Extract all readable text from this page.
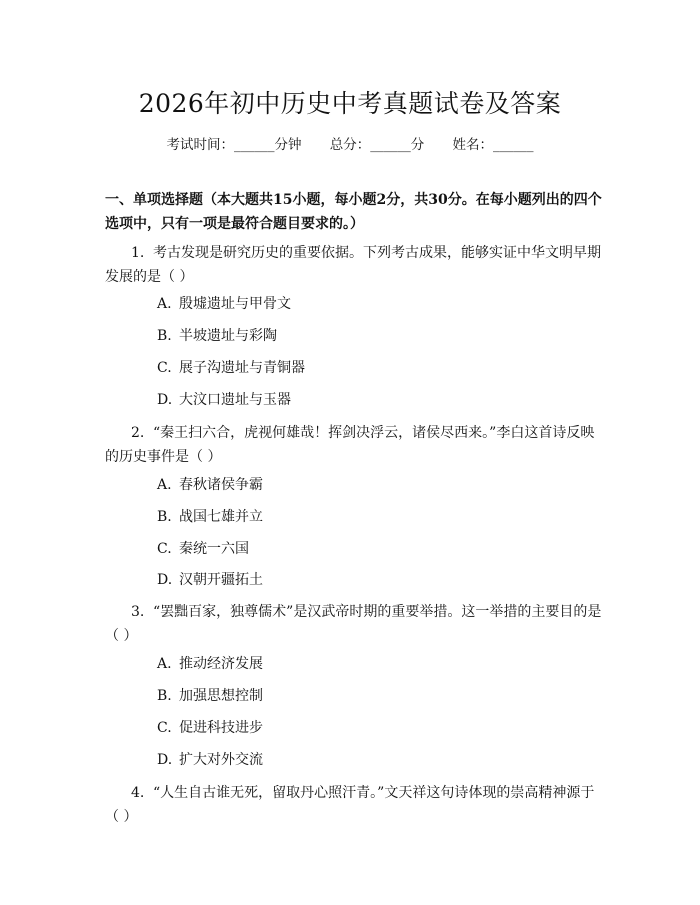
2026年初中历史中考真题试卷及答案
考试时间：______分钟 总分：______分 姓名：______
一、单项选择题（本大题共15小题，每小题2分，共30分。在每小题列出的四个选项中，只有一项是最符合题目要求的。）
1. 考古发现是研究历史的重要依据。下列考古成果，能够实证中华文明早期发展的是（ ）
A. 殷墟遗址与甲骨文
B. 半坡遗址与彩陶
C. 展子沟遗址与青铜器
D. 大汶口遗址与玉器
2. “秦王扫六合，虎视何雄哉！挥剑决浮云，诸侯尽西来。”李白这首诗反映的历史事件是（ ）
A. 春秋诸侯争霸
B. 战国七雄并立
C. 秦统一六国
D. 汉朝开疆拓土
3. “罢黜百家，独尊儒术”是汉武帝时期的重要举措。这一举措的主要目的是（ ）
A. 推动经济发展
B. 加强思想控制
C. 促进科技进步
D. 扩大对外交流
4. “人生自古谁无死，留取丹心照汗青。”文天祥这句诗体现的崇高精神源于（ ）
